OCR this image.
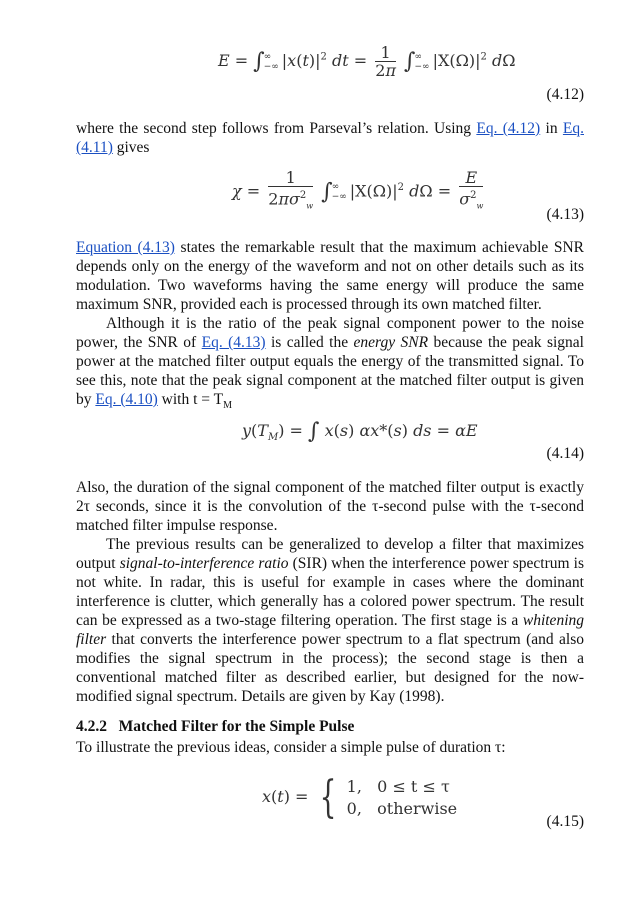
E = ∫ ∞
−∞ $|x(t)|^2$ dt = $\frac{1}{2\pi}$ ∫ ∞
−∞ $|X(\Omega)|^2$ dΩ
(4.12)
where the second step follows from Parseval’s relation. Using Eq. (4.12) in Eq. (4.11) gives
$\chi = \frac{1}{2\pi\sigma^2_w}$ ∫ ∞
−∞ $|X(\Omega)|^2$ $d\Omega = \frac{E}{\sigma^2_w}$	(4.13)
Equation (4.13) states the remarkable result that the maximum achievable SNR depends only on the energy of the waveform and not on other details such as its modulation. Two waveforms having the same energy will produce the same maximum SNR, provided each is processed through its own matched filter.
Although it is the ratio of the peak signal component power to the noise power, the SNR of Eq. (4.13) is called the energy SNR because the peak signal power at the matched filter output equals the energy of the transmitted signal. To see this, note that the peak signal component at the matched filter output is given by Eq. (4.10) with $t = T_M$
$y(T_M)$ = ∫ x(s) αx*(s) ds = αE
(4.14)
Also, the duration of the signal component of the matched filter output is exactly 2τ seconds, since it is the convolution of the τ-second pulse with the τ-second matched filter impulse response.
The previous results can be generalized to develop a filter that maximizes output signal-to-interference ratio (SIR) when the interference power spectrum is not white. In radar, this is useful for example in cases where the dominant interference is clutter, which generally has a colored power spectrum. The result can be expressed as a two-stage filtering operation. The first stage is a whitening filter that converts the interference power spectrum to a flat spectrum (and also modifies the signal spectrum in the process); the second stage is then a conventional matched filter as described earlier, but designed for the now-modified signal spectrum. Details are given by Kay (1998).
4.2.2 Matched Filter for the Simple Pulse
To illustrate the previous ideas, consider a simple pulse of duration τ:
x(t) = { 1, 0 ≤ t ≤ τ
0, otherwise
(4.15)
